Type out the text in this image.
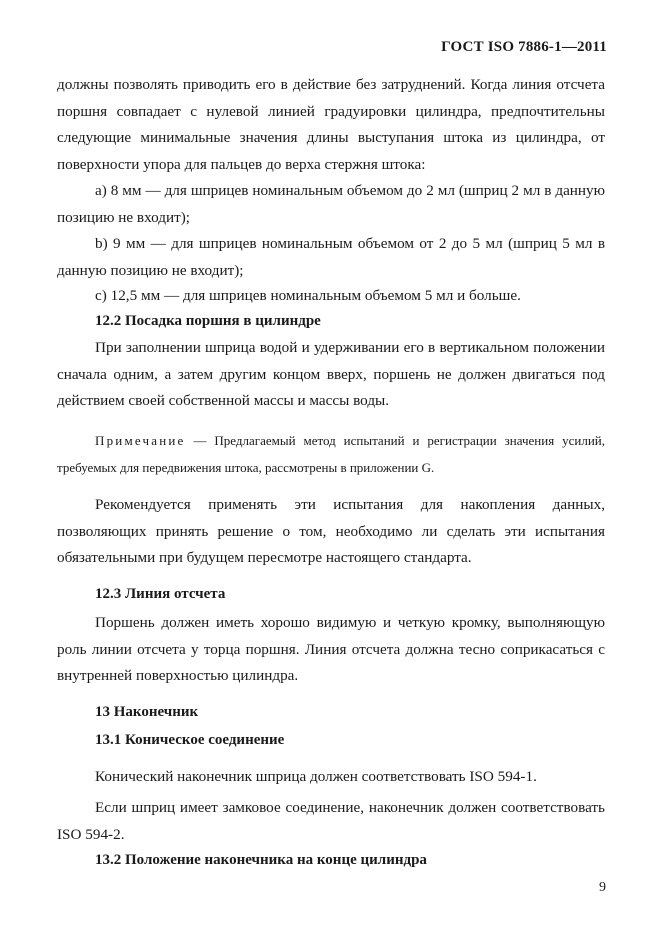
ГОСТ ISO 7886-1—2011
должны позволять приводить его в действие без затруднений. Когда линия отсчета поршня совпадает с нулевой линией градуировки цилиндра, предпочтительны следующие минимальные значения длины выступания штока из цилиндра, от поверхности упора для пальцев до верха стержня штока:
a) 8 мм — для шприцев номинальным объемом до 2 мл (шприц 2 мл в данную позицию не входит);
b) 9 мм — для шприцев номинальным объемом от 2 до 5 мл (шприц 5 мл в данную позицию не входит);
c) 12,5 мм — для шприцев номинальным объемом 5 мл и больше.
12.2 Посадка поршня в цилиндре
При заполнении шприца водой и удерживании его в вертикальном положении сначала одним, а затем другим концом вверх, поршень не должен двигаться под действием своей собственной массы и массы воды.
Примечание — Предлагаемый метод испытаний и регистрации значения усилий, требуемых для передвижения штока, рассмотрены в приложении G.
Рекомендуется применять эти испытания для накопления данных, позволяющих принять решение о том, необходимо ли сделать эти испытания обязательными при будущем пересмотре настоящего стандарта.
12.3 Линия отсчета
Поршень должен иметь хорошо видимую и четкую кромку, выполняющую роль линии отсчета у торца поршня. Линия отсчета должна тесно соприкасаться с внутренней поверхностью цилиндра.
13 Наконечник
13.1 Коническое соединение
Конический наконечник шприца должен соответствовать ISO 594-1.
Если шприц имеет замковое соединение, наконечник должен соответствовать ISO 594-2.
13.2 Положение наконечника на конце цилиндра
9
